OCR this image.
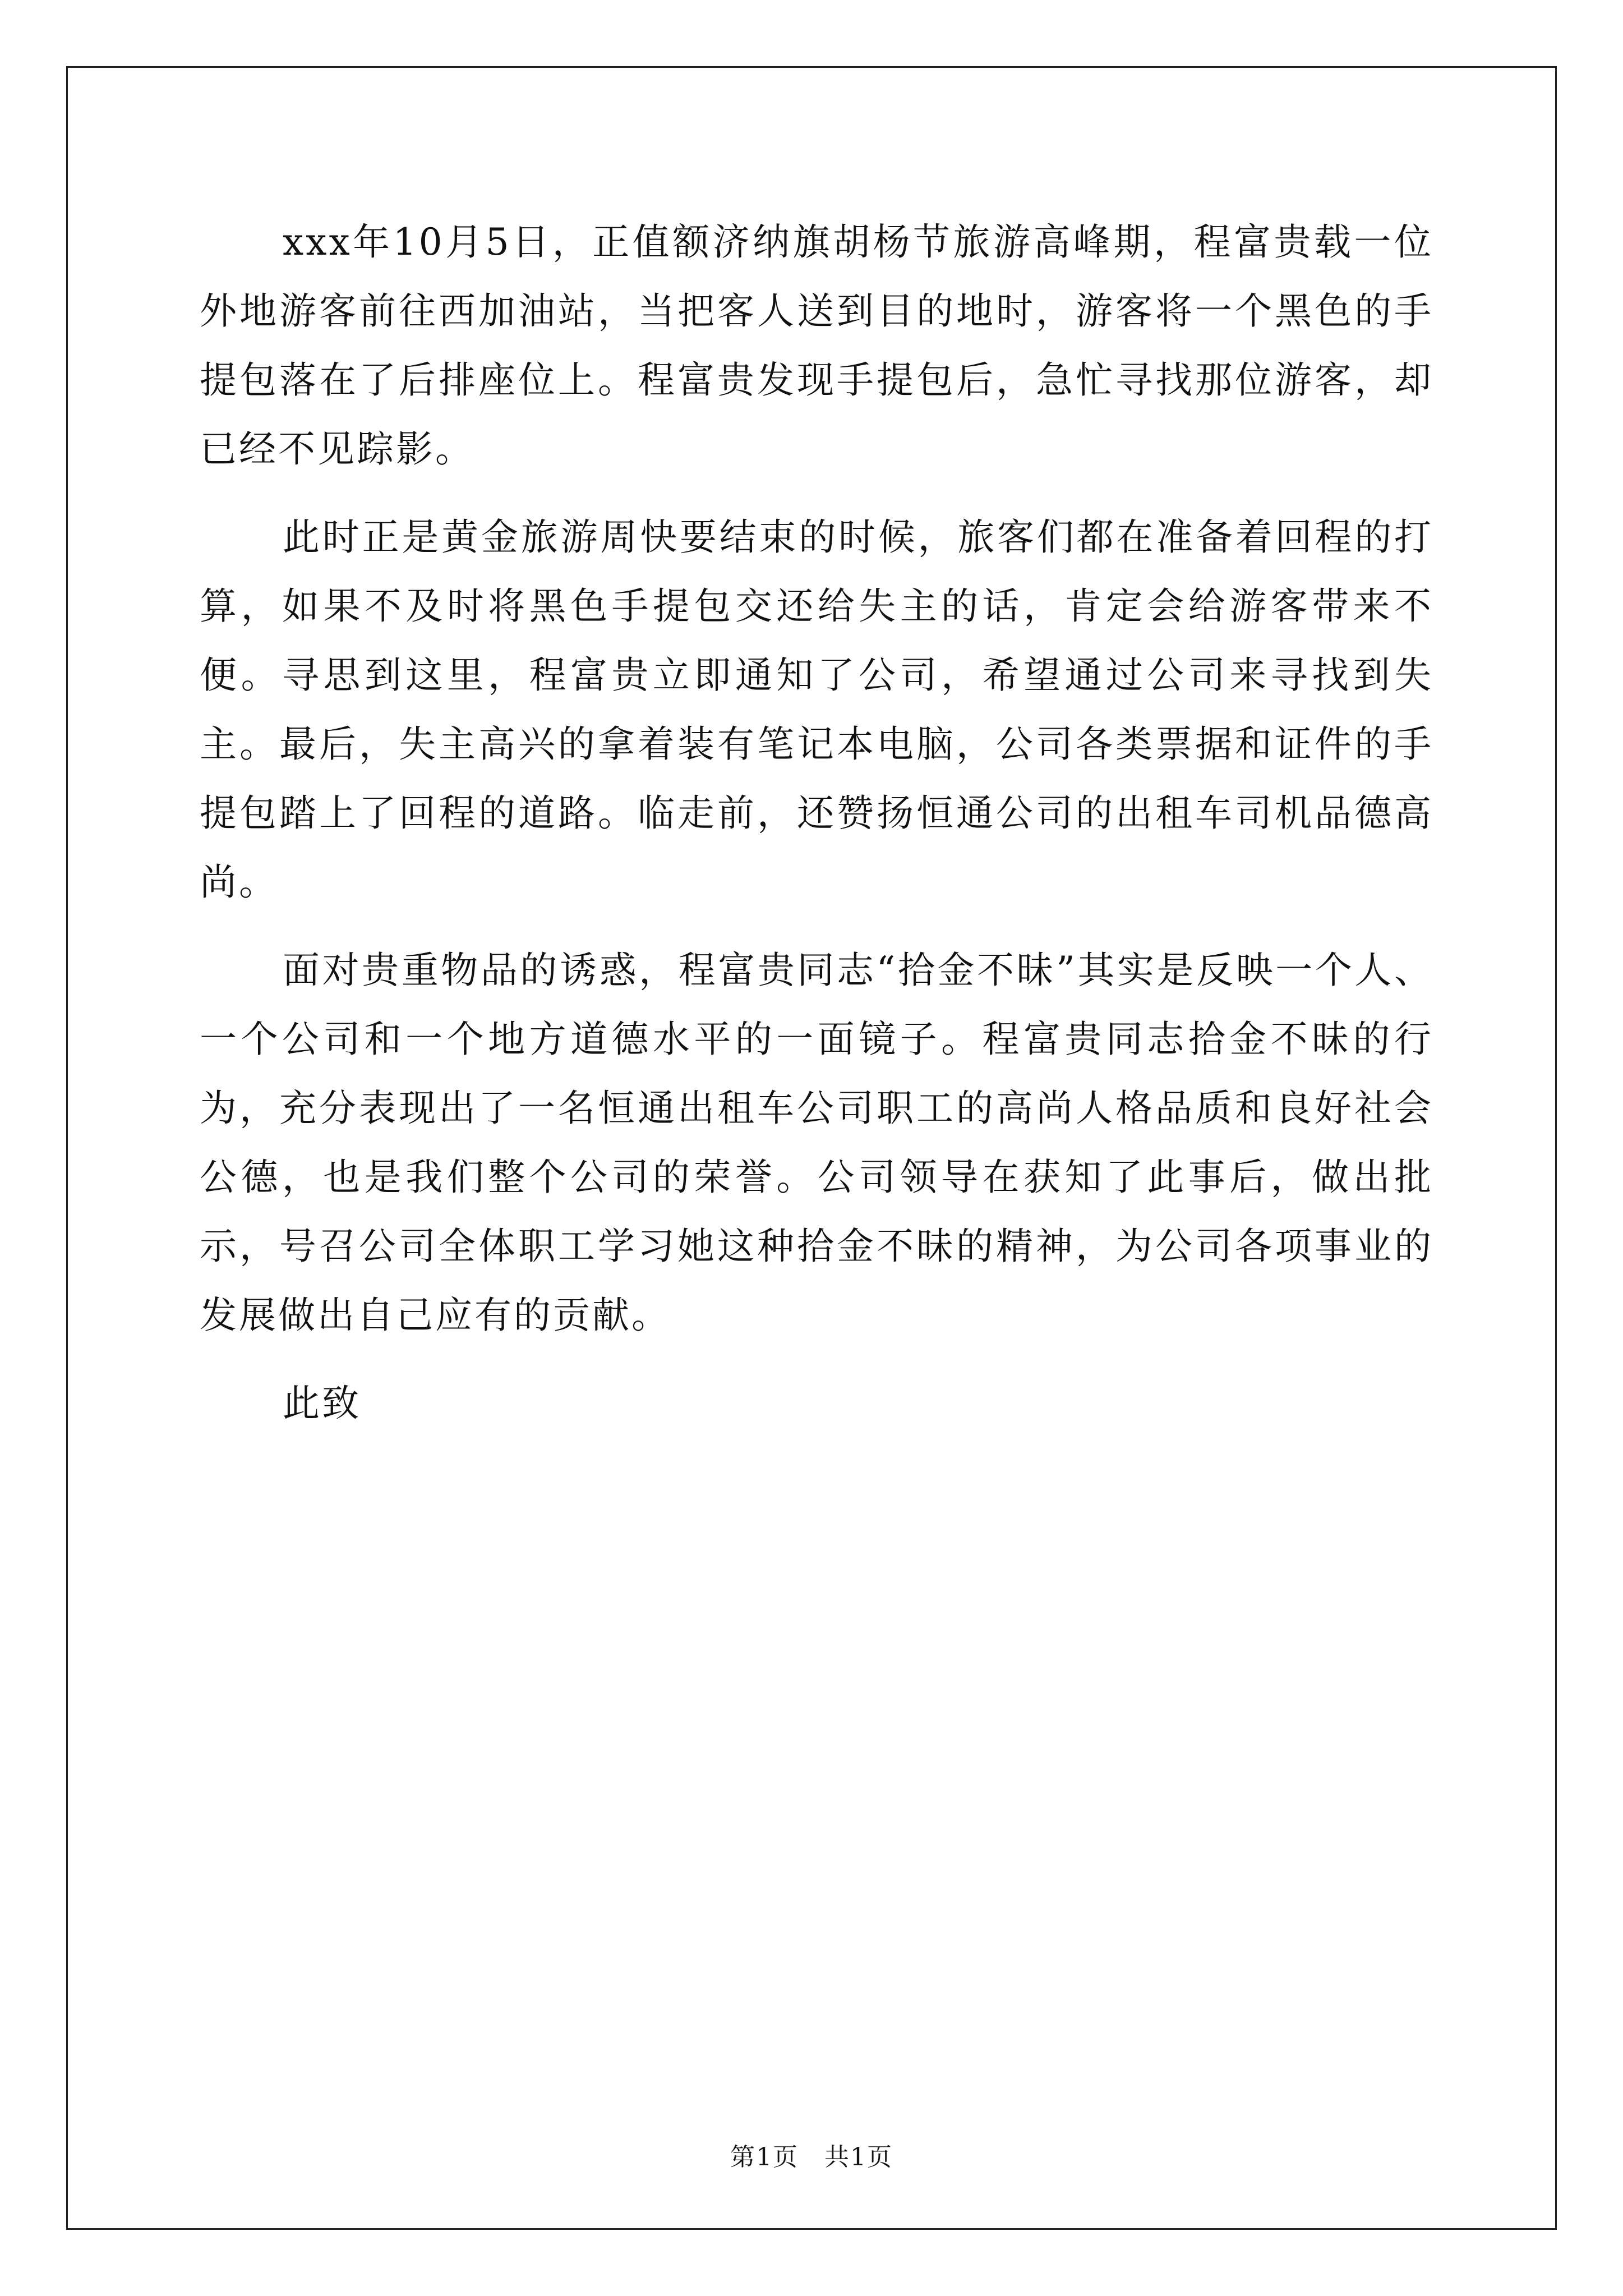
xxx年10月5日，正值额济纳旗胡杨节旅游高峰期，程富贵载一位外地游客前往西加油站，当把客人送到目的地时，游客将一个黑色的手提包落在了后排座位上。程富贵发现手提包后，急忙寻找那位游客，却已经不见踪影。

此时正是黄金旅游周快要结束的时候，旅客们都在准备着回程的打算，如果不及时将黑色手提包交还给失主的话，肯定会给游客带来不便。寻思到这里，程富贵立即通知了公司，希望通过公司来寻找到失主。最后，失主高兴的拿着装有笔记本电脑，公司各类票据和证件的手提包踏上了回程的道路。临走前，还赞扬恒通公司的出租车司机品德高尚。

面对贵重物品的诱惑，程富贵同志“拾金不昧”其实是反映一个人、一个公司和一个地方道德水平的一面镜子。程富贵同志拾金不昧的行为，充分表现出了一名恒通出租车公司职工的高尚人格品质和良好社会公德，也是我们整个公司的荣誉。公司领导在获知了此事后，做出批示，号召公司全体职工学习她这种拾金不昧的精神，为公司各项事业的发展做出自己应有的贡献。

此致

第1页 共1页
